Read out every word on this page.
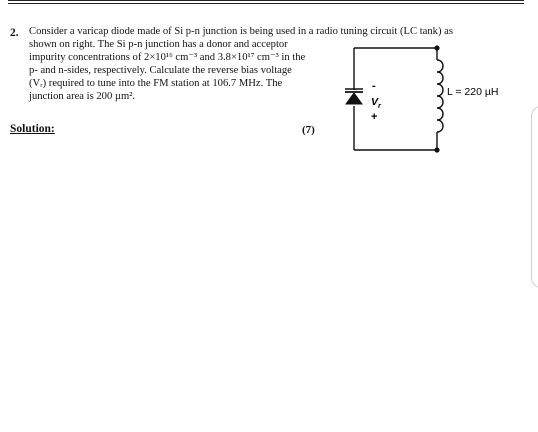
2. Consider a varicap diode made of Si p-n junction is being used in a radio tuning circuit (LC tank) as
shown on right. The Si p-n junction has a donor and acceptor
impurity concentrations of 2×10¹⁶ cm⁻³ and 3.8×10¹⁷ cm⁻³ in the
p- and n-sides, respectively. Calculate the reverse bias voltage
(Vᵣ) required to tune into the FM station at 106.7 MHz. The
junction area is 200 µm².
Solution:	(7)
-
V r
+
L = 220 µH
